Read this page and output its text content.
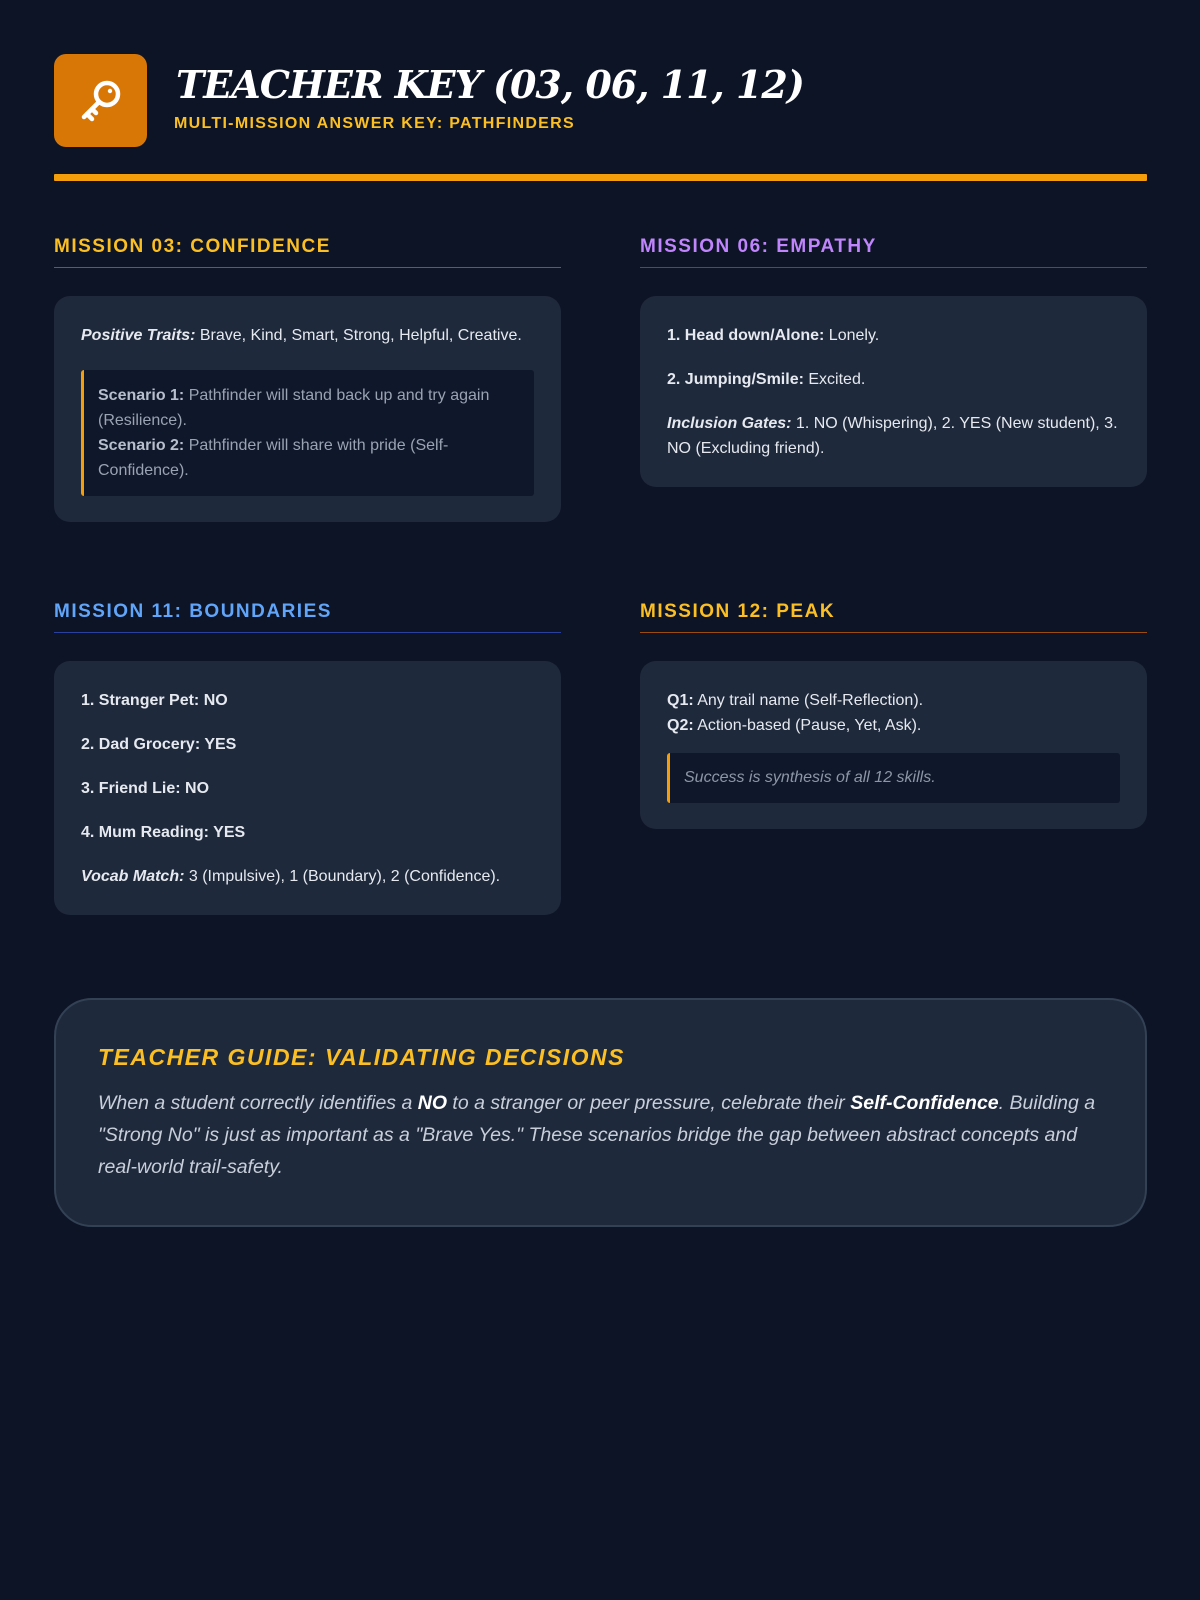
TEACHER KEY (03, 06, 11, 12)
MULTI-MISSION ANSWER KEY: PATHFINDERS
MISSION 03: CONFIDENCE

Positive Traits: Brave, Kind, Smart, Strong, Helpful, Creative.

Scenario 1: Pathfinder will stand back up and try again (Resilience).

Scenario 2: Pathfinder will share with pride (Self-Confidence).

MISSION 06: EMPATHY

1. Head down/Alone: Lonely.

2. Jumping/Smile: Excited.

Inclusion Gates: 1. NO (Whispering), 2. YES (New student), 3. NO (Excluding friend).

MISSION 11: BOUNDARIES

1. Stranger Pet: NO

2. Dad Grocery: YES

3. Friend Lie: NO

4. Mum Reading: YES

Vocab Match: 3 (Impulsive), 1 (Boundary), 2 (Confidence).

MISSION 12: PEAK

Q1: Any trail name (Self-Reflection).

Q2: Action-based (Pause, Yet, Ask).

Success is synthesis of all 12 skills.
TEACHER GUIDE: VALIDATING DECISIONS

When a student correctly identifies a NO to a stranger or peer pressure, celebrate their Self-Confidence. Building a "Strong No" is just as important as a "Brave Yes." These scenarios bridge the gap between abstract concepts and real-world trail-safety.
